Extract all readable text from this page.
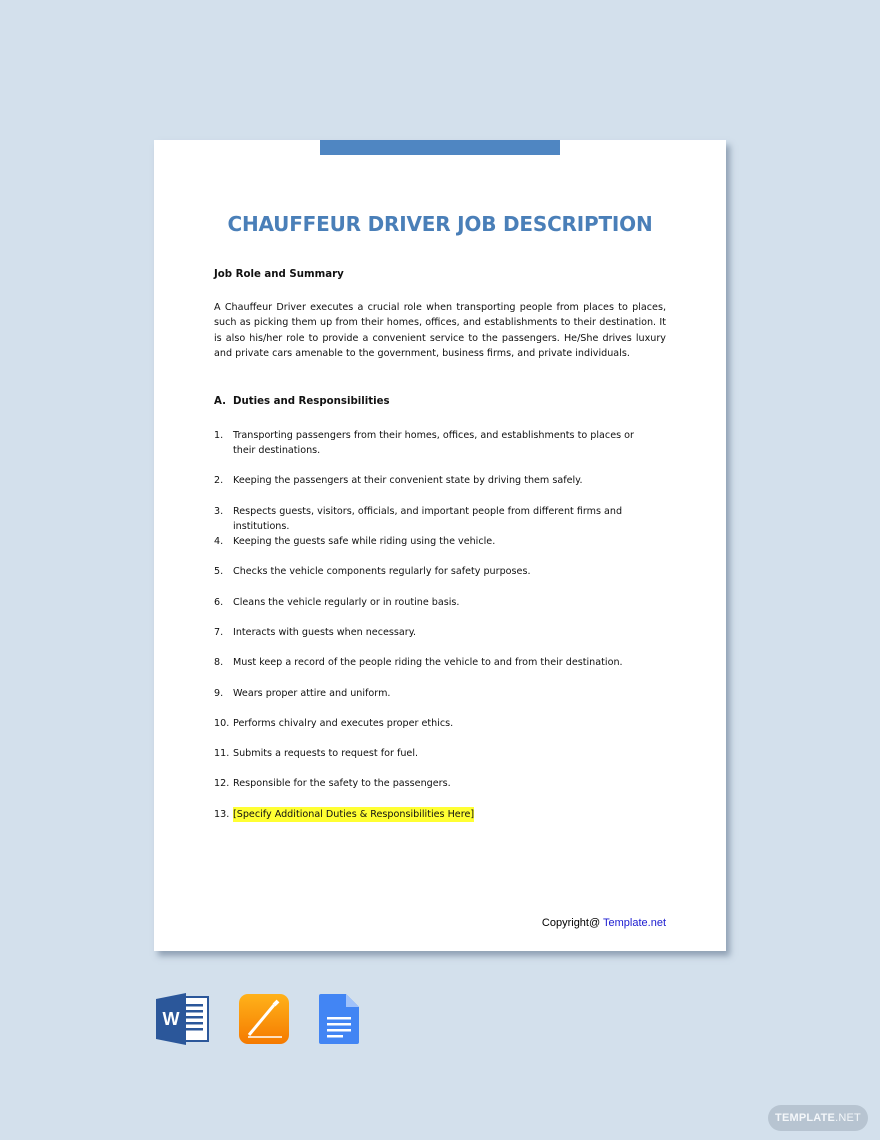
CHAUFFEUR DRIVER JOB DESCRIPTION
Job Role and Summary
A Chauffeur Driver executes a crucial role when transporting people from places to places, such as picking them up from their homes, offices, and establishments to their destination. It is also his/her role to provide a convenient service to the passengers. He/She drives luxury and private cars amenable to the government, business firms, and private individuals.
A. Duties and Responsibilities
1.	Transporting passengers from their homes, offices, and establishments to places or their destinations.
2.	Keeping the passengers at their convenient state by driving them safely.
3.	Respects guests, visitors, officials, and important people from different firms and institutions.
4.	Keeping the guests safe while riding using the vehicle.
5.	Checks the vehicle components regularly for safety purposes.
6.	Cleans the vehicle regularly or in routine basis.
7.	Interacts with guests when necessary.
8.	Must keep a record of the people riding the vehicle to and from their destination.
9.	Wears proper attire and uniform.
10. Performs chivalry and executes proper ethics.
11. Submits a requests to request for fuel.
12. Responsible for the safety to the passengers.
13. [Specify Additional Duties & Responsibilities Here]
Copyright@ Template.net
W
TEMPLATE.NET
